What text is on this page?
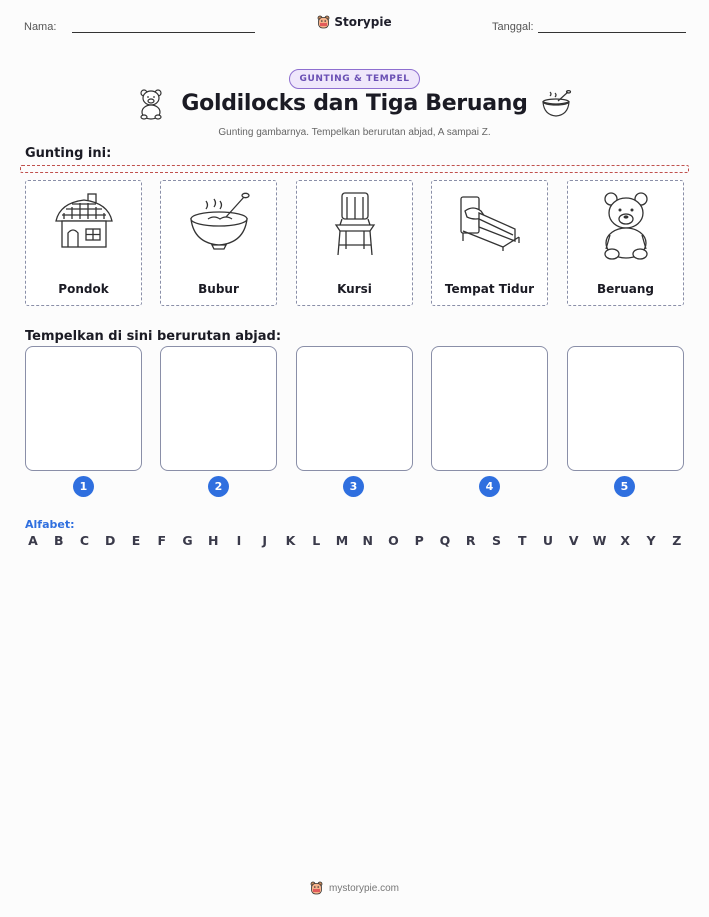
Nama:	Tanggal:
Storypie
GUNTING & TEMPEL
Goldilocks dan Tiga Beruang
Gunting gambarnya. Tempelkan berurutan abjad, A sampai Z.
Gunting ini:
Pondok	Bubur	Kursi	Tempat Tidur	Beruang
Tempelkan di sini berurutan abjad:
1	2	3	4	5
Alfabet:
A B C D E F G H	I	J	K	L	M N O P Q R S T U V W X Y Z
mystorypie.com
